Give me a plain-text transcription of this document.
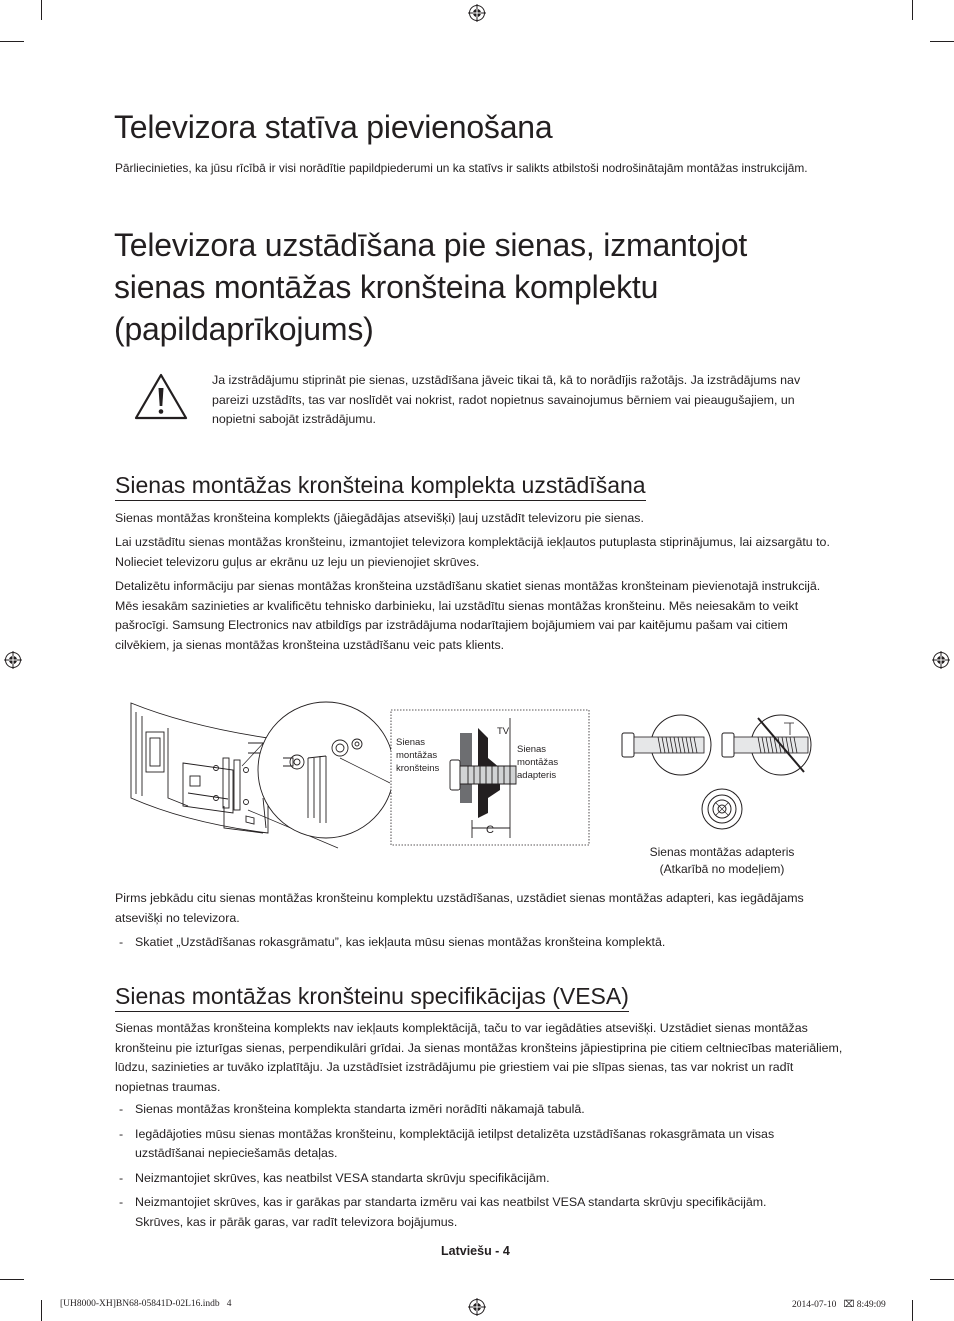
Televizora statīva pievienošana

Pārliecinieties, ka jūsu rīcībā ir visi norādītie papildpiederumi un ka statīvs ir salikts atbilstoši nodrošinātajām montāžas instrukcijām.

Televizora uzstādīšana pie sienas, izmantojot
sienas montāžas kronšteina komplektu
(papildaprīkojums)

Ja izstrādājumu stiprināt pie sienas, uzstādīšana jāveic tikai tā, kā to norādījis ražotājs. Ja izstrādājums nav pareizi uzstādīts, tas var noslīdēt vai nokrist, radot nopietnus savainojumus bērniem vai pieaugušajiem, un nopietni sabojāt izstrādājumu.

Sienas montāžas kronšteina komplekta uzstādīšana

Sienas montāžas kronšteina komplekts (jāiegādājas atsevišķi) ļauj uzstādīt televizoru pie sienas.

Lai uzstādītu sienas montāžas kronšteinu, izmantojiet televizora komplektācijā iekļautos putuplasta stiprinājumus, lai aizsargātu to. Nolieciet televizoru guļus ar ekrānu uz leju un pievienojiet skrūves.

Detalizētu informāciju par sienas montāžas kronšteina uzstādīšanu skatiet sienas montāžas kronšteinam pievienotajā instrukcijā. Mēs iesakām sazinieties ar kvalificētu tehnisko darbinieku, lai uzstādītu sienas montāžas kronšteinu. Mēs neiesakām to veikt pašrocīgi. Samsung Electronics nav atbildīgs par izstrādājuma nodarītajiem bojājumiem vai par kaitējumu pašam vai citiem cilvēkiem, ja sienas montāžas kronšteina uzstādīšanu veic pats klients.

Sienas
montāžas
kronšteins
TV
Sienas
montāžas
adapteris
C
Sienas montāžas adapteris
(Atkarībā no modeļiem)

Pirms jebkādu citu sienas montāžas kronšteinu komplektu uzstādīšanas, uzstādiet sienas montāžas adapteri, kas iegādājams atsevišķi no televizora.

- Skatiet „Uzstādīšanas rokasgrāmatu”, kas iekļauta mūsu sienas montāžas kronšteina komplektā.
Sienas montāžas kronšteinu specifikācijas (VESA)

Sienas montāžas kronšteina komplekts nav iekļauts komplektācijā, taču to var iegādāties atsevišķi. Uzstādiet sienas montāžas kronšteinu pie izturīgas sienas, perpendikulāri grīdai. Ja sienas montāžas kronšteins jāpiestiprina pie citiem celtniecības materiāliem, lūdzu, sazinieties ar tuvāko izplatītāju. Ja uzstādīsiet izstrādājumu pie griestiem vai pie slīpas sienas, tas var nokrist un radīt nopietnas traumas.

- Sienas montāžas kronšteina komplekta standarta izmēri norādīti nākamajā tabulā.
- Iegādājoties mūsu sienas montāžas kronšteinu, komplektācijā ietilpst detalizēta uzstādīšanas rokasgrāmata un visas uzstādīšanai nepieciešamās detaļas.
- Neizmantojiet skrūves, kas neatbilst VESA standarta skrūvju specifikācijām.
- Neizmantojiet skrūves, kas ir garākas par standarta izmēru vai kas neatbilst VESA standarta skrūvju specifikācijām. Skrūves, kas ir pārāk garas, var radīt televizora bojājumus.
Latviešu - 4
[UH8000-XH]BN68-05841D-02L16.indb   4	2014-07-10   ⌧ 8:49:09
